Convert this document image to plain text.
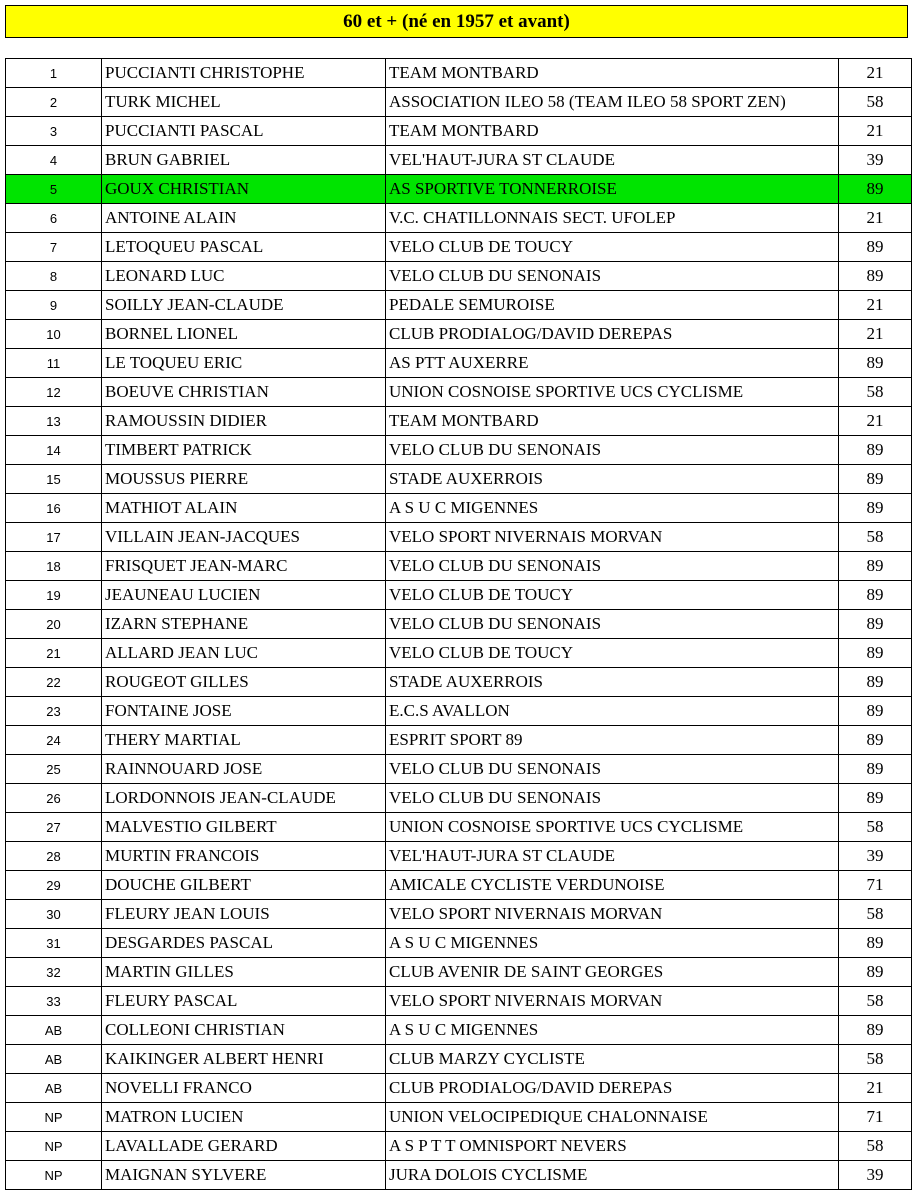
60 et + (né en 1957 et avant)
1	PUCCIANTI CHRISTOPHE	TEAM MONTBARD	21
2	TURK MICHEL	ASSOCIATION ILEO 58 (TEAM ILEO 58 SPORT ZEN)	58
3	PUCCIANTI PASCAL	TEAM MONTBARD	21
4	BRUN GABRIEL	VEL'HAUT-JURA ST CLAUDE	39
5	GOUX CHRISTIAN	AS SPORTIVE TONNERROISE	89
6	ANTOINE ALAIN	V.C. CHATILLONNAIS SECT. UFOLEP	21
7	LETOQUEU PASCAL	VELO CLUB DE TOUCY	89
8	LEONARD LUC	VELO CLUB DU SENONAIS	89
9	SOILLY JEAN-CLAUDE	PEDALE SEMUROISE	21
10	BORNEL LIONEL	CLUB PRODIALOG/DAVID DEREPAS	21
11	LE TOQUEU ERIC	AS PTT AUXERRE	89
12	BOEUVE CHRISTIAN	UNION COSNOISE SPORTIVE UCS CYCLISME	58
13	RAMOUSSIN DIDIER	TEAM MONTBARD	21
14	TIMBERT PATRICK	VELO CLUB DU SENONAIS	89
15	MOUSSUS PIERRE	STADE AUXERROIS	89
16	MATHIOT ALAIN	A S U C MIGENNES	89
17	VILLAIN JEAN-JACQUES	VELO SPORT NIVERNAIS MORVAN	58
18	FRISQUET JEAN-MARC	VELO CLUB DU SENONAIS	89
19	JEAUNEAU LUCIEN	VELO CLUB DE TOUCY	89
20	IZARN STEPHANE	VELO CLUB DU SENONAIS	89
21	ALLARD JEAN LUC	VELO CLUB DE TOUCY	89
22	ROUGEOT GILLES	STADE AUXERROIS	89
23	FONTAINE JOSE	E.C.S AVALLON	89
24	THERY MARTIAL	ESPRIT SPORT 89	89
25	RAINNOUARD JOSE	VELO CLUB DU SENONAIS	89
26	LORDONNOIS JEAN-CLAUDE	VELO CLUB DU SENONAIS	89
27	MALVESTIO GILBERT	UNION COSNOISE SPORTIVE UCS CYCLISME	58
28	MURTIN FRANCOIS	VEL'HAUT-JURA ST CLAUDE	39
29	DOUCHE GILBERT	AMICALE CYCLISTE VERDUNOISE	71
30	FLEURY JEAN LOUIS	VELO SPORT NIVERNAIS MORVAN	58
31	DESGARDES PASCAL	A S U C MIGENNES	89
32	MARTIN GILLES	CLUB AVENIR DE SAINT GEORGES	89
33	FLEURY PASCAL	VELO SPORT NIVERNAIS MORVAN	58
AB	COLLEONI CHRISTIAN	A S U C MIGENNES	89
AB	KAIKINGER ALBERT HENRI	CLUB MARZY CYCLISTE	58
AB	NOVELLI FRANCO	CLUB PRODIALOG/DAVID DEREPAS	21
NP	MATRON LUCIEN	UNION VELOCIPEDIQUE CHALONNAISE	71
NP	LAVALLADE GERARD	A S P T T OMNISPORT NEVERS	58
NP	MAIGNAN SYLVERE	JURA DOLOIS CYCLISME	39
